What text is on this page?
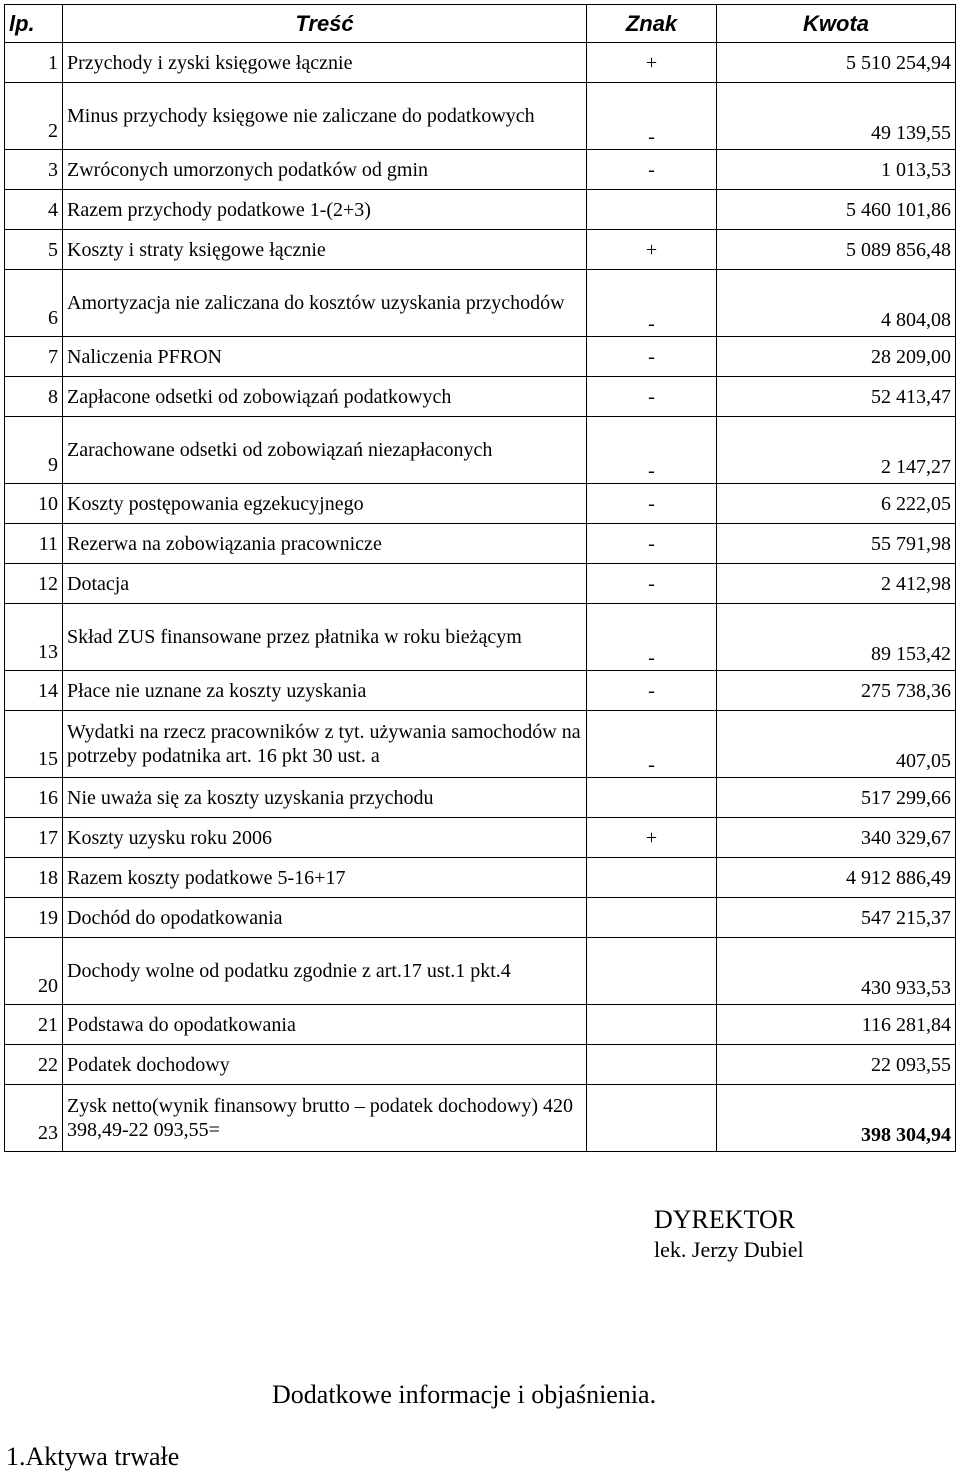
lp.	Treść	Znak	Kwota
1	Przychody i zyski księgowe łącznie	+	5 510 254,94
2	Minus przychody księgowe nie zaliczane do podatkowych	-	49 139,55
3	Zwróconych umorzonych podatków od gmin	-	1 013,53
4	Razem przychody podatkowe 1-(2+3)		5 460 101,86
5	Koszty i straty księgowe łącznie	+	5 089 856,48
6	Amortyzacja nie zaliczana do kosztów uzyskania przychodów	-	4 804,08
7	Naliczenia PFRON	-	28 209,00
8	Zapłacone odsetki od zobowiązań podatkowych	-	52 413,47
9	Zarachowane odsetki od zobowiązań niezapłaconych	-	2 147,27
10	Koszty postępowania egzekucyjnego	-	6 222,05
11	Rezerwa na zobowiązania pracownicze	-	55 791,98
12	Dotacja	-	2 412,98
13	Skład ZUS finansowane przez płatnika w roku bieżącym	-	89 153,42
14	Płace nie uznane za koszty uzyskania	-	275 738,36
15	Wydatki na rzecz pracowników z tyt. używania samochodów na potrzeby podatnika art. 16 pkt 30 ust. a	-	407,05
16	Nie uważa się za koszty uzyskania przychodu		517 299,66
17	Koszty uzysku roku 2006	+	340 329,67
18	Razem koszty podatkowe 5-16+17		4 912 886,49
19	Dochód do opodatkowania		547 215,37
20	Dochody wolne od podatku zgodnie z art.17 ust.1 pkt.4		430 933,53
21	Podstawa do opodatkowania		116 281,84
22	Podatek dochodowy		22 093,55
23	Zysk netto(wynik finansowy brutto – podatek dochodowy) 420 398,49-22 093,55=		398 304,94
DYREKTOR
lek. Jerzy Dubiel
Dodatkowe informacje i objaśnienia.
1.Aktywa trwałe
